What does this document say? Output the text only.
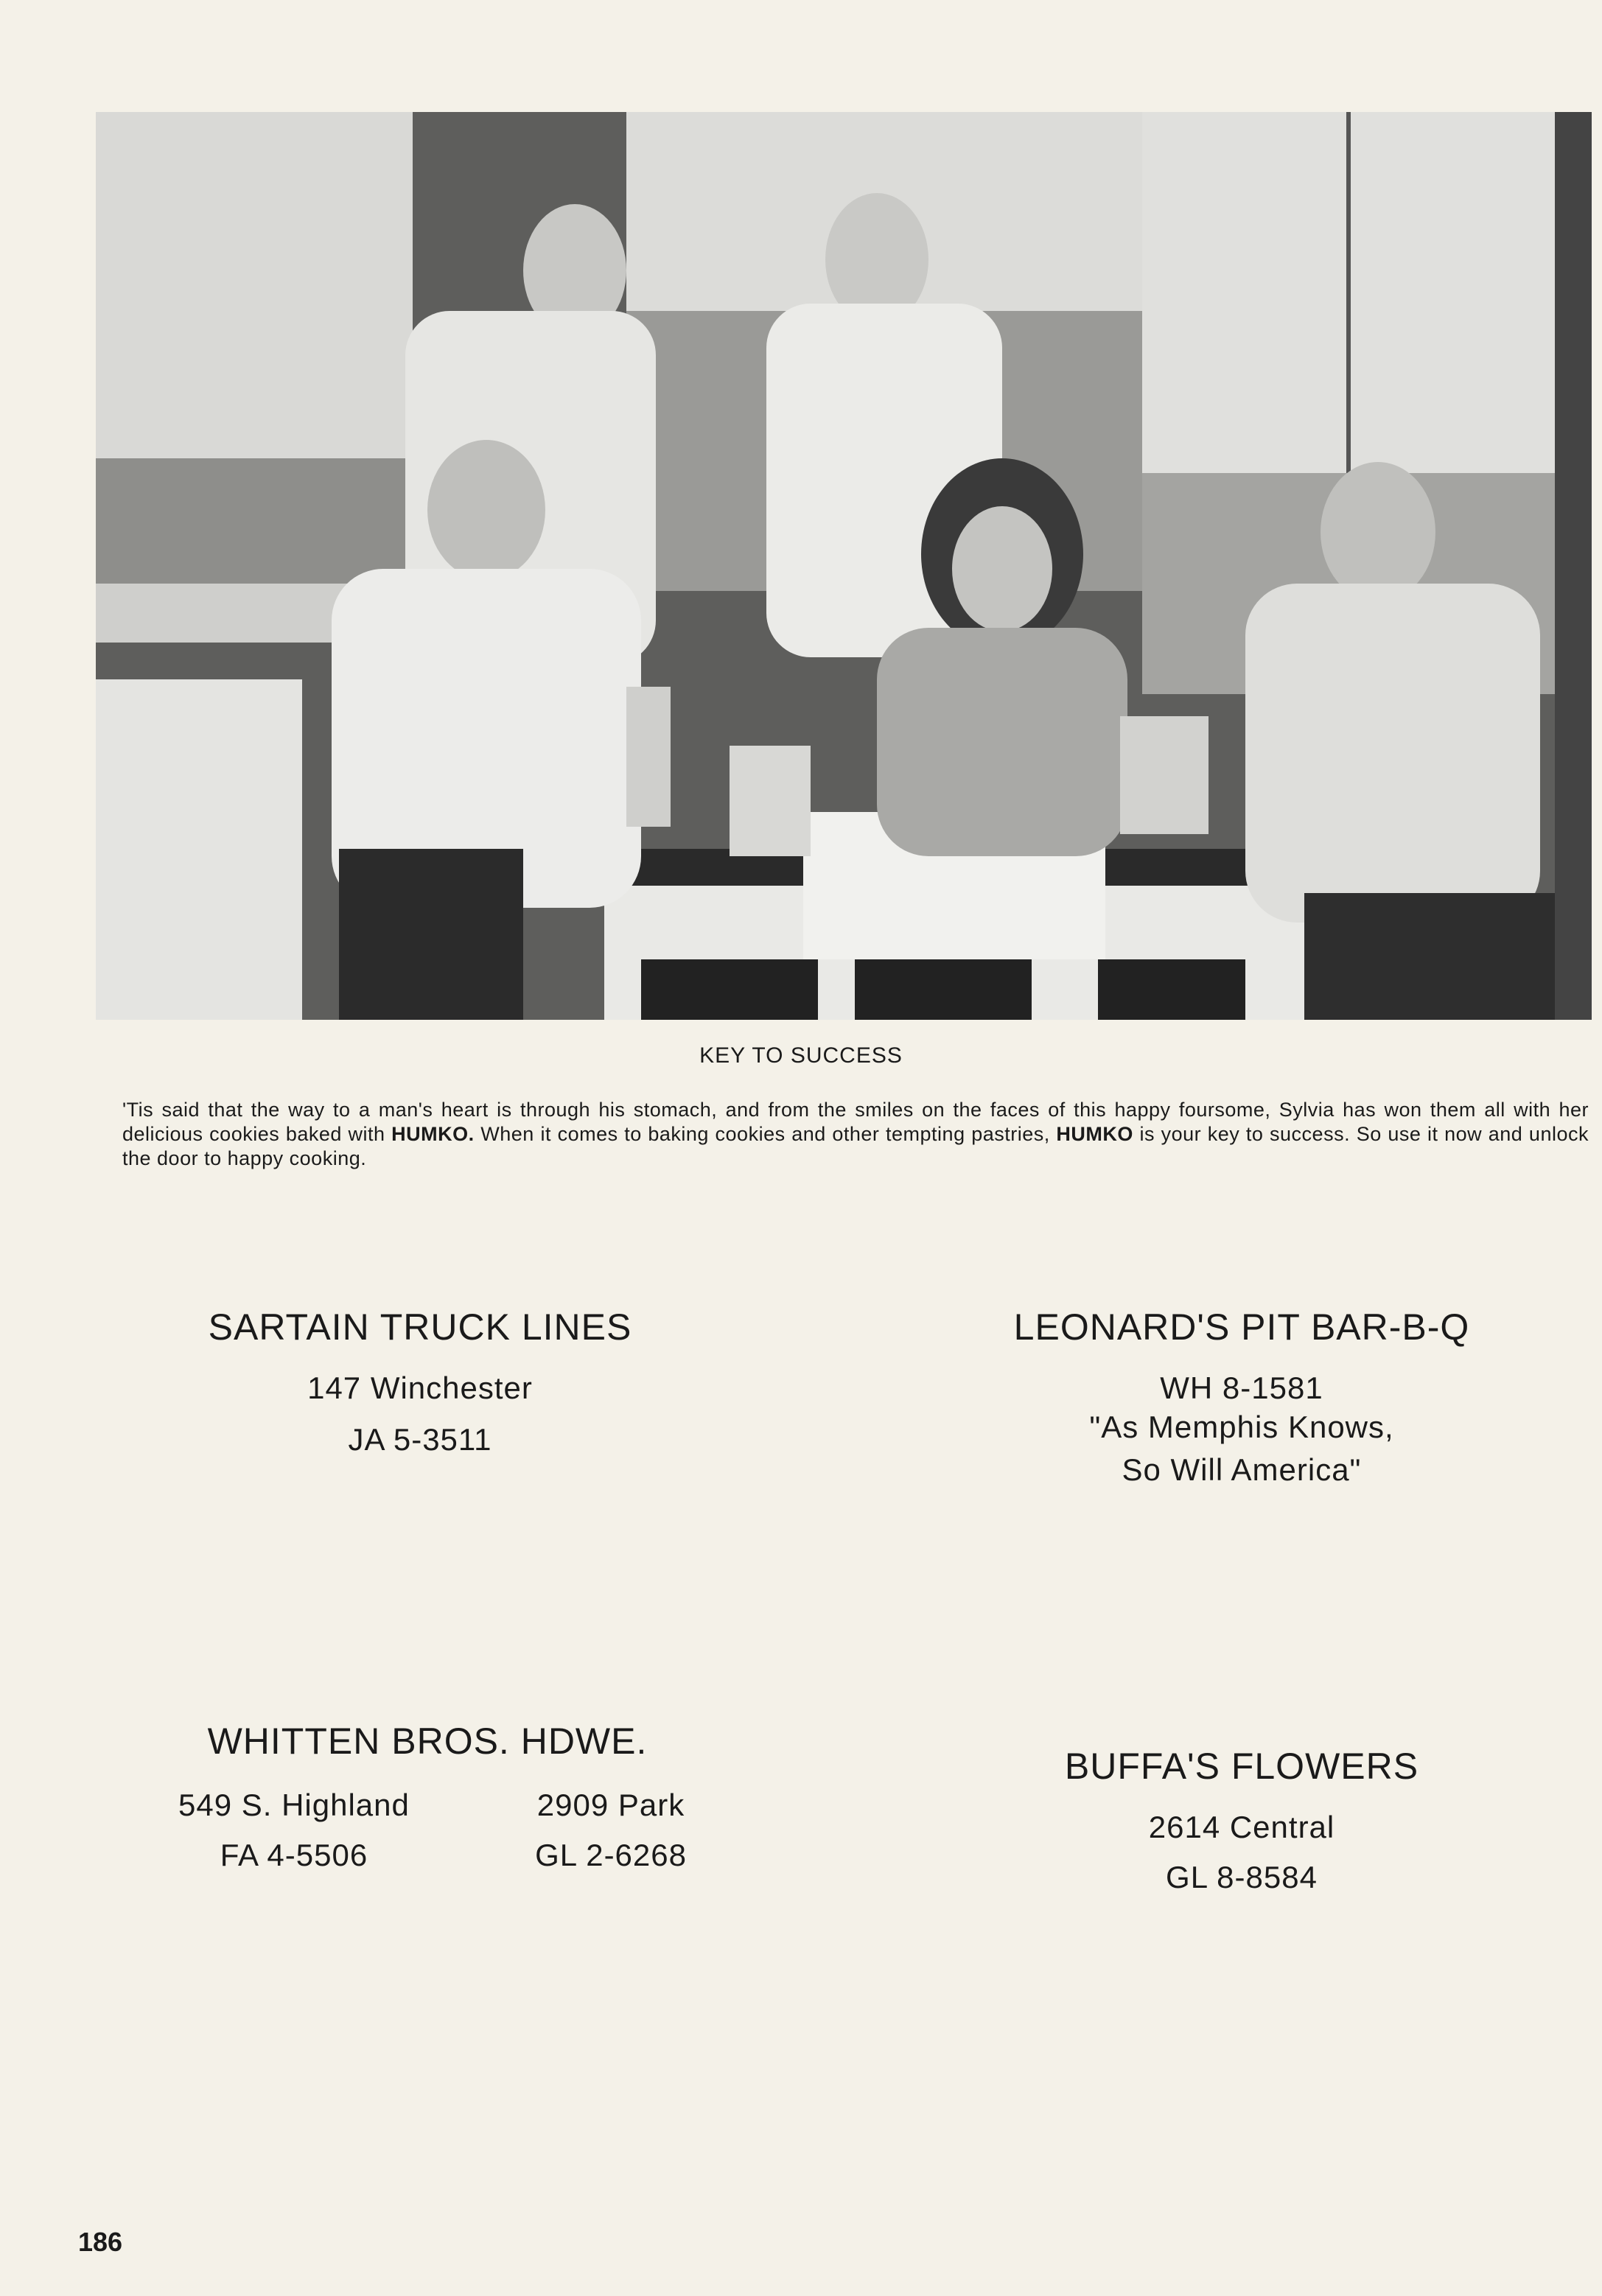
KEY TO SUCCESS
'Tis said that the way to a man's heart is through his stomach, and from the smiles on the faces of this happy foursome, Sylvia has won them all with her delicious cookies baked with HUMKO. When it comes to baking cookies and other tempting pastries, HUMKO is your key to success. So use it now and unlock the door to happy cooking.
SARTAIN TRUCK LINES
147 Winchester
JA 5-3511
LEONARD'S PIT BAR-B-Q
WH 8-1581
"As Memphis Knows,
So Will America"
WHITTEN BROS. HDWE.
549 S. Highland
FA 4-5506
2909 Park
GL 2-6268
BUFFA'S FLOWERS
2614 Central
GL 8-8584
186
